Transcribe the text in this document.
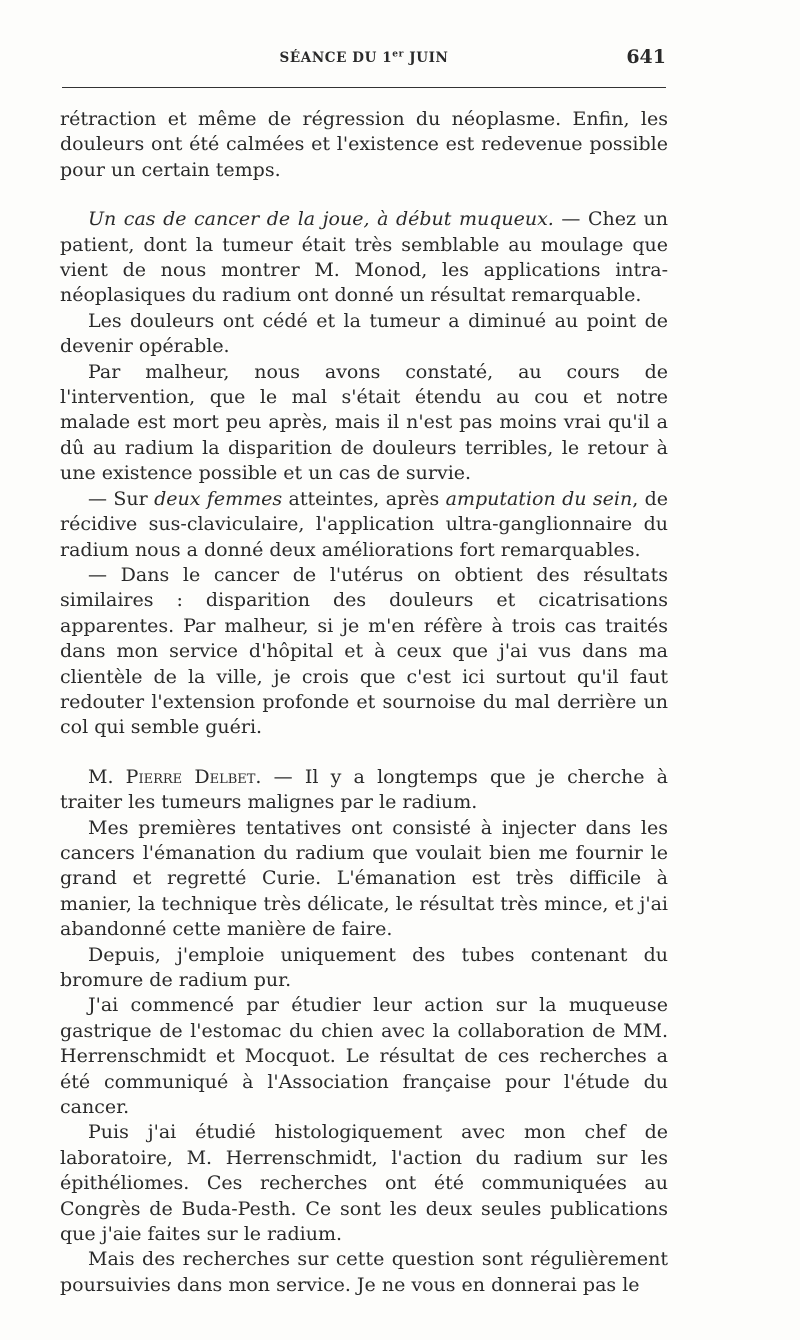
SÉANCE DU 1er JUIN	641

rétraction et même de régression du néoplasme. Enfin, les douleurs ont été calmées et l'existence est redevenue possible pour un certain temps.

Un cas de cancer de la joue, à début muqueux. — Chez un patient, dont la tumeur était très semblable au moulage que vient de nous montrer M. Monod, les applications intra-néoplasiques du radium ont donné un résultat remarquable.

Les douleurs ont cédé et la tumeur a diminué au point de devenir opérable.

Par malheur, nous avons constaté, au cours de l'intervention, que le mal s'était étendu au cou et notre malade est mort peu après, mais il n'est pas moins vrai qu'il a dû au radium la disparition de douleurs terribles, le retour à une existence possible et un cas de survie.

— Sur deux femmes atteintes, après amputation du sein, de récidive sus-claviculaire, l'application ultra-ganglionnaire du radium nous a donné deux améliorations fort remarquables.

— Dans le cancer de l'utérus on obtient des résultats similaires : disparition des douleurs et cicatrisations apparentes. Par malheur, si je m'en réfère à trois cas traités dans mon service d'hôpital et à ceux que j'ai vus dans ma clientèle de la ville, je crois que c'est ici surtout qu'il faut redouter l'extension profonde et sournoise du mal derrière un col qui semble guéri.

M. Pierre Delbet. — Il y a longtemps que je cherche à traiter les tumeurs malignes par le radium.

Mes premières tentatives ont consisté à injecter dans les cancers l'émanation du radium que voulait bien me fournir le grand et regretté Curie. L'émanation est très difficile à manier, la technique très délicate, le résultat très mince, et j'ai abandonné cette manière de faire.

Depuis, j'emploie uniquement des tubes contenant du bromure de radium pur.

J'ai commencé par étudier leur action sur la muqueuse gastrique de l'estomac du chien avec la collaboration de MM. Herrenschmidt et Mocquot. Le résultat de ces recherches a été communiqué à l'Association française pour l'étude du cancer.

Puis j'ai étudié histologiquement avec mon chef de laboratoire, M. Herrenschmidt, l'action du radium sur les épithéliomes. Ces recherches ont été communiquées au Congrès de Buda-Pesth. Ce sont les deux seules publications que j'aie faites sur le radium.

Mais des recherches sur cette question sont régulièrement poursuivies dans mon service. Je ne vous en donnerai pas le
